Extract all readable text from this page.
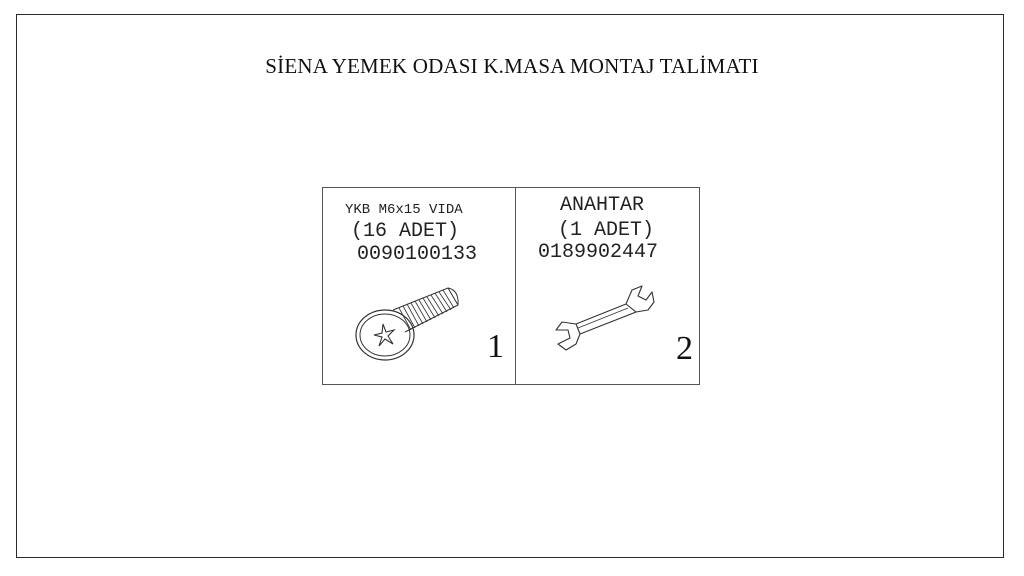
SİENA YEMEK ODASI K.MASA MONTAJ TALİMATI
YKB M6x15 VIDA
(16 ADET)
0090100133
1
ANAHTAR
(1 ADET)
0189902447
2
